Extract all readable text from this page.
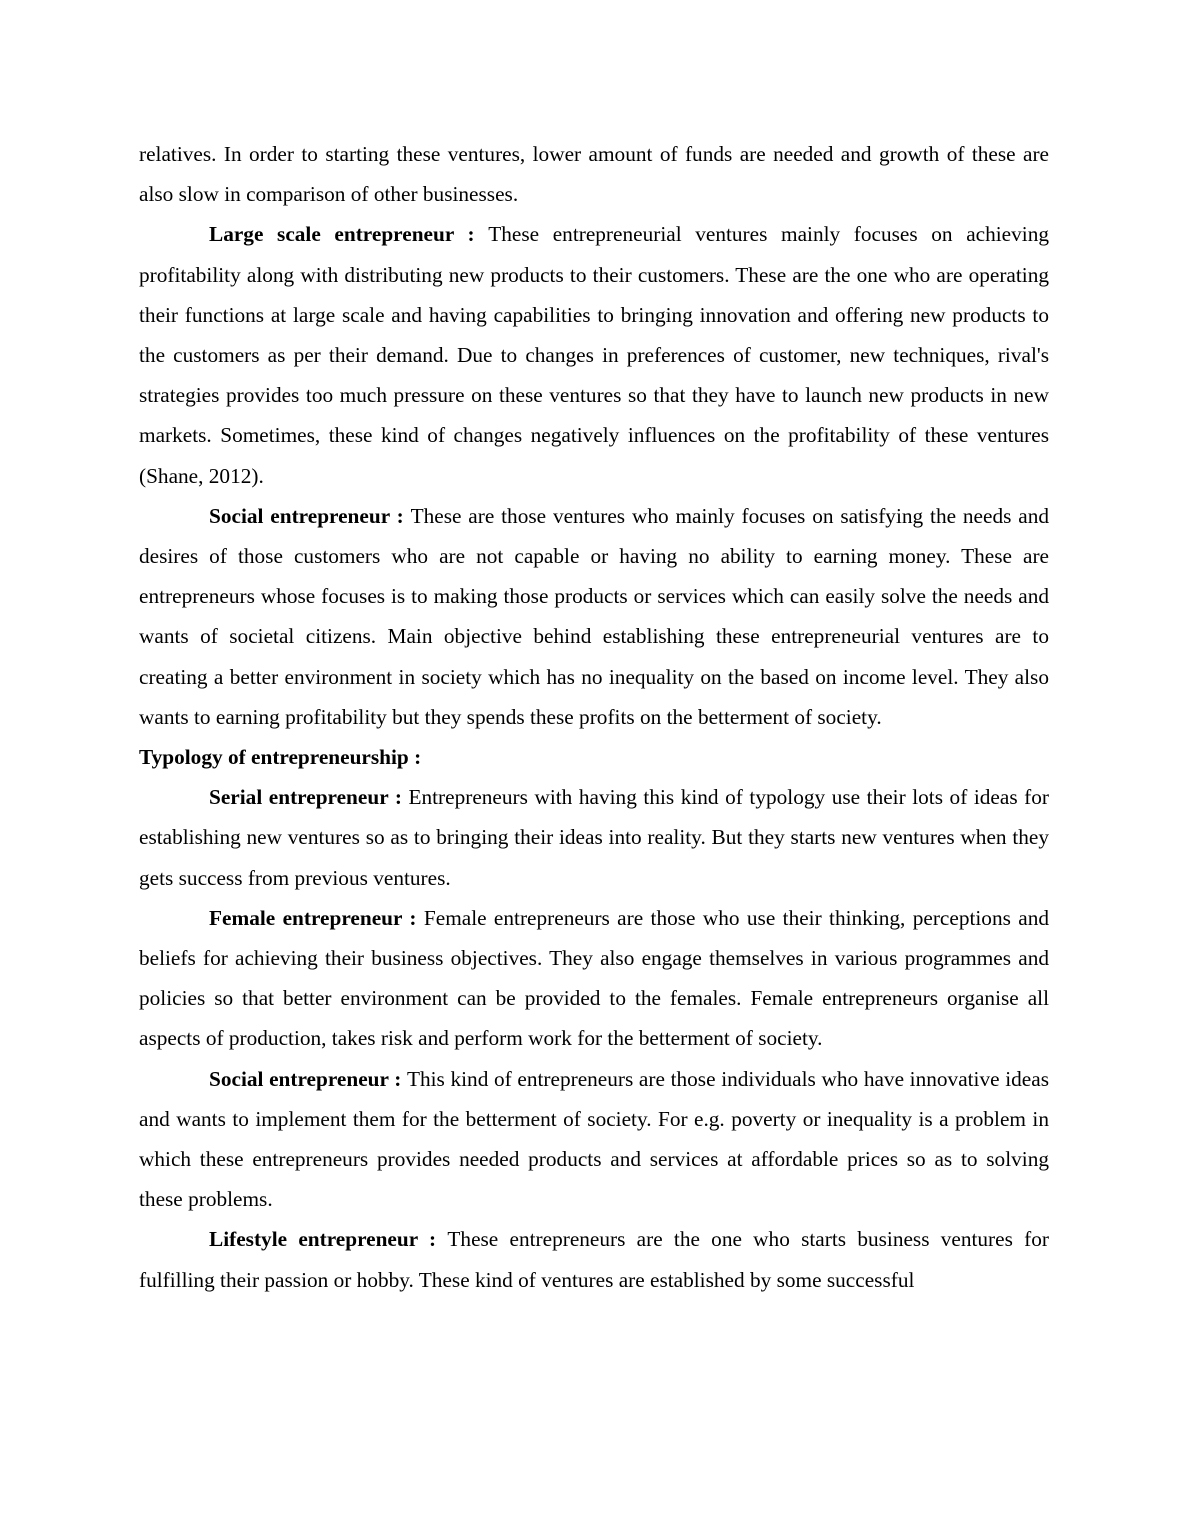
relatives. In order to starting these ventures, lower amount of funds are needed and growth of these are also slow in comparison of other businesses.

Large scale entrepreneur : These entrepreneurial ventures mainly focuses on achieving profitability along with distributing new products to their customers. These are the one who are operating their functions at large scale and having capabilities to bringing innovation and offering new products to the customers as per their demand. Due to changes in preferences of customer, new techniques, rival's strategies provides too much pressure on these ventures so that they have to launch new products in new markets. Sometimes, these kind of changes negatively influences on the profitability of these ventures (Shane, 2012).

Social entrepreneur : These are those ventures who mainly focuses on satisfying the needs and desires of those customers who are not capable or having no ability to earning money. These are entrepreneurs whose focuses is to making those products or services which can easily solve the needs and wants of societal citizens. Main objective behind establishing these entrepreneurial ventures are to creating a better environment in society which has no inequality on the based on income level. They also wants to earning profitability but they spends these profits on the betterment of society.

Typology of entrepreneurship :

Serial entrepreneur : Entrepreneurs with having this kind of typology use their lots of ideas for establishing new ventures so as to bringing their ideas into reality. But they starts new ventures when they gets success from previous ventures.

Female entrepreneur : Female entrepreneurs are those who use their thinking, perceptions and beliefs for achieving their business objectives. They also engage themselves in various programmes and policies so that better environment can be provided to the females. Female entrepreneurs organise all aspects of production, takes risk and perform work for the betterment of society.

Social entrepreneur : This kind of entrepreneurs are those individuals who have innovative ideas and wants to implement them for the betterment of society. For e.g. poverty or inequality is a problem in which these entrepreneurs provides needed products and services at affordable prices so as to solving these problems.

Lifestyle entrepreneur : These entrepreneurs are the one who starts business ventures for fulfilling their passion or hobby. These kind of ventures are established by some successful
